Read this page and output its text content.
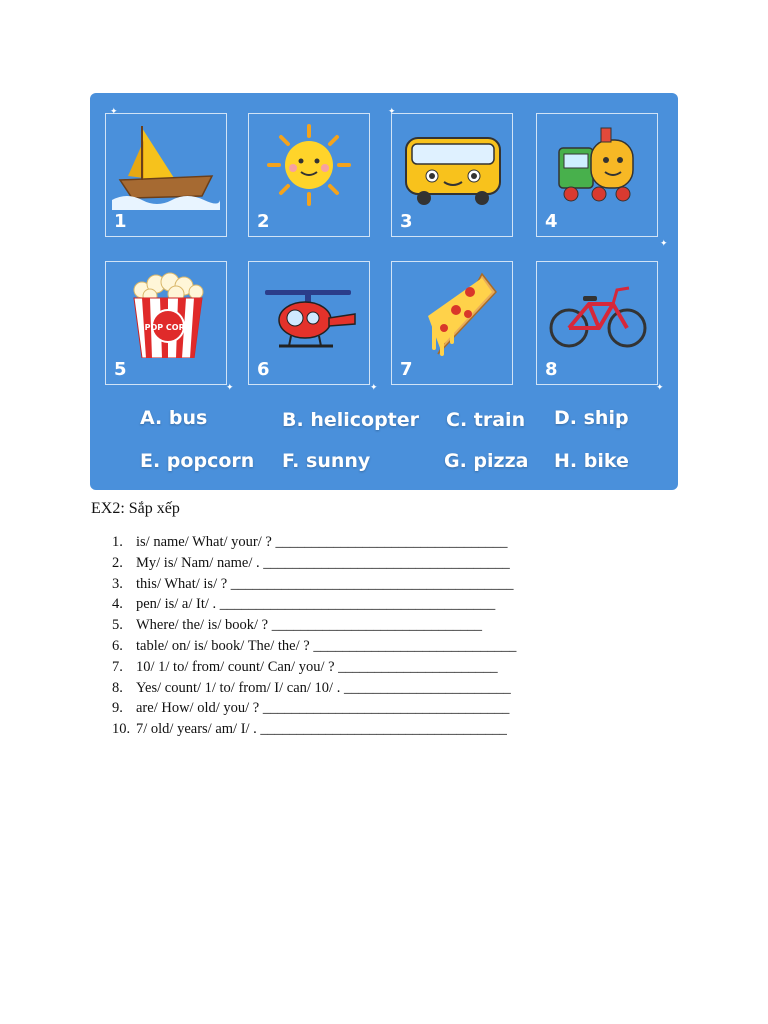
1	2	3	4
POP CORN
5	6	7	8
✦	✦
✦
✦	✦	✦
A. bus	B. helicopter C. train D. ship
E. popcorn F. sunny	G. pizza H. bike
EX2: Sắp xếp
1. is/ name/ What/ your/ ? ________________________________
2. My/ is/ Nam/ name/ . __________________________________
3. this/ What/ is/ ? _______________________________________
4. pen/ is/ a/ It/ . ______________________________________
5. Where/ the/ is/ book/ ? _____________________________
6. table/ on/ is/ book/ The/ the/ ? ____________________________
7. 10/ 1/ to/ from/ count/ Can/ you/ ? ______________________
8. Yes/ count/ 1/ to/ from/ I/ can/ 10/ . _______________________
9. are/ How/ old/ you/ ? __________________________________
10. 7/ old/ years/ am/ I/ . __________________________________
